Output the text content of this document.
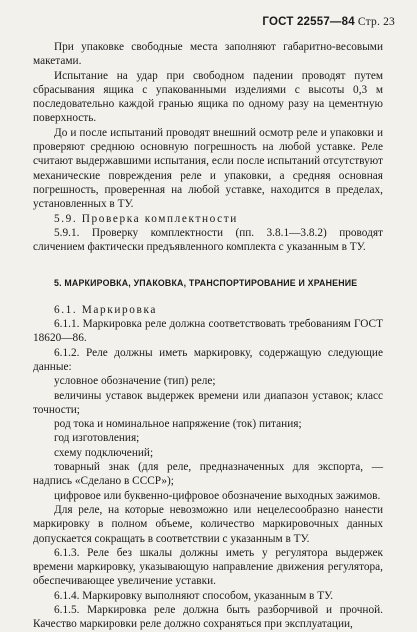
ГОСТ 22557—84 Стр. 23

При упаковке свободные места заполняют габаритно-весовыми макетами.

Испытание на удар при свободном падении проводят путем сбрасывания ящика с упакованными изделиями с высоты 0,3 м последовательно каждой гранью ящика по одному разу на цементную поверхность.

До и после испытаний проводят внешний осмотр реле и упаковки и проверяют среднюю основную погрешность на любой уставке. Реле считают выдержавшими испытания, если после испытаний отсутствуют механические повреждения реле и упаковки, а средняя основная погрешность, проверенная на любой уставке, находится в пределах, установленных в ТУ.

5.9. Проверка комплектности

5.9.1. Проверку комплектности (пп. 3.8.1—3.8.2) проводят сличением фактически предъявленного комплекта с указанным в ТУ.

5. МАРКИРОВКА, УПАКОВКА, ТРАНСПОРТИРОВАНИЕ И ХРАНЕНИЕ

6.1. Маркировка

6.1.1. Маркировка реле должна соответствовать требованиям ГОСТ 18620—86.

6.1.2. Реле должны иметь маркировку, содержащую следующие данные:

условное обозначение (тип) реле;

величины уставок выдержек времени или диапазон уставок; класс точности;

род тока и номинальное напряжение (ток) питания;

год изготовления;

схему подключений;

товарный знак (для реле, предназначенных для экспорта, — надпись «Сделано в СССР»);

цифровое или буквенно-цифровое обозначение выходных зажимов.

Для реле, на которые невозможно или нецелесообразно нанести маркировку в полном объеме, количество маркировочных данных допускается сокращать в соответствии с указанным в ТУ.

6.1.3. Реле без шкалы должны иметь у регулятора выдержек времени маркировку, указывающую направление движения регулятора, обеспечивающее увеличение уставки.

6.1.4. Маркировку выполняют способом, указанным в ТУ.

6.1.5. Маркировка реле должна быть разборчивой и прочной. Качество маркировки реле должно сохраняться при эксплуатации,
